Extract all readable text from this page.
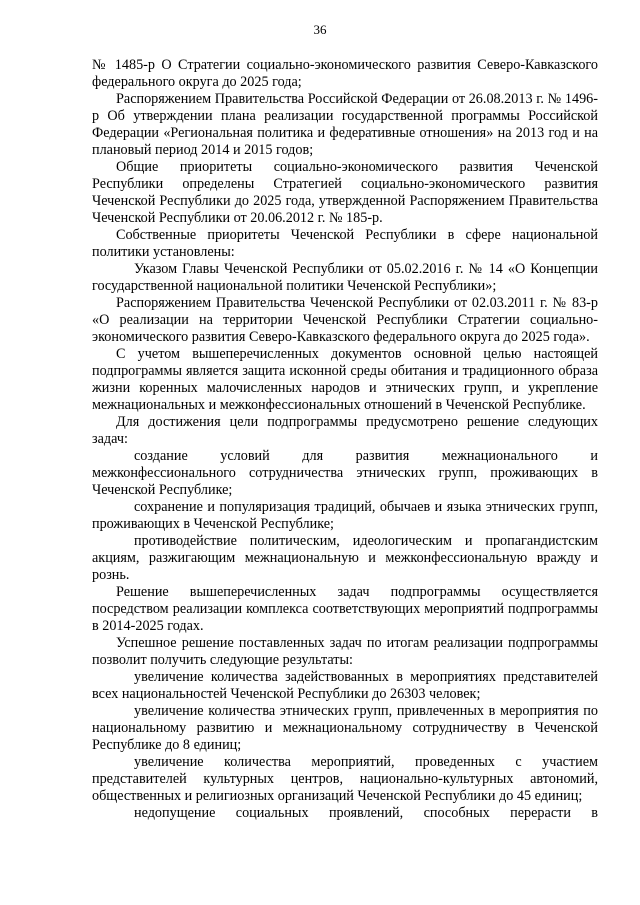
36

№ 1485-р О Стратегии социально-экономического развития Северо-Кавказского федерального округа до 2025 года;

Распоряжением Правительства Российской Федерации от 26.08.2013 г. № 1496-р Об утверждении плана реализации государственной программы Российской Федерации «Региональная политика и федеративные отношения» на 2013 год и на плановый период 2014 и 2015 годов;

Общие приоритеты социально-экономического развития Чеченской Республики определены Стратегией социально-экономического развития Чеченской Республики до 2025 года, утвержденной Распоряжением Правительства Чеченской Республики от 20.06.2012 г. № 185-р.

Собственные приоритеты Чеченской Республики в сфере национальной политики установлены:

Указом Главы Чеченской Республики от 05.02.2016 г. № 14 «О Концепции государственной национальной политики Чеченской Республики»;

Распоряжением Правительства Чеченской Республики от 02.03.2011 г. № 83-р «О реализации на территории Чеченской Республики Стратегии социально-экономического развития Северо-Кавказского федерального округа до 2025 года».

С учетом вышеперечисленных документов основной целью настоящей подпрограммы является защита исконной среды обитания и традиционного образа жизни коренных малочисленных народов и этнических групп, и укрепление межнациональных и межконфессиональных отношений в Чеченской Республике.

Для достижения цели подпрограммы предусмотрено решение следующих задач:

создание условий для развития межнационального и межконфессионального сотрудничества этнических групп, проживающих в Чеченской Республике;

сохранение и популяризация традиций, обычаев и языка этнических групп, проживающих в Чеченской Республике;

противодействие политическим, идеологическим и пропагандистским акциям, разжигающим межнациональную и межконфессиональную вражду и рознь.

Решение вышеперечисленных задач подпрограммы осуществляется посредством реализации комплекса соответствующих мероприятий подпрограммы в 2014-2025 годах.

Успешное решение поставленных задач по итогам реализации подпрограммы позволит получить следующие результаты:

увеличение количества задействованных в мероприятиях представителей всех национальностей Чеченской Республики до 26303 человек;

увеличение количества этнических групп, привлеченных в мероприятия по национальному развитию и межнациональному сотрудничеству в Чеченской Республике до 8 единиц;

увеличение количества мероприятий, проведенных с участием представителей культурных центров, национально-культурных автономий, общественных и религиозных организаций Чеченской Республики до 45 единиц;

недопущение социальных проявлений, способных перерасти в
